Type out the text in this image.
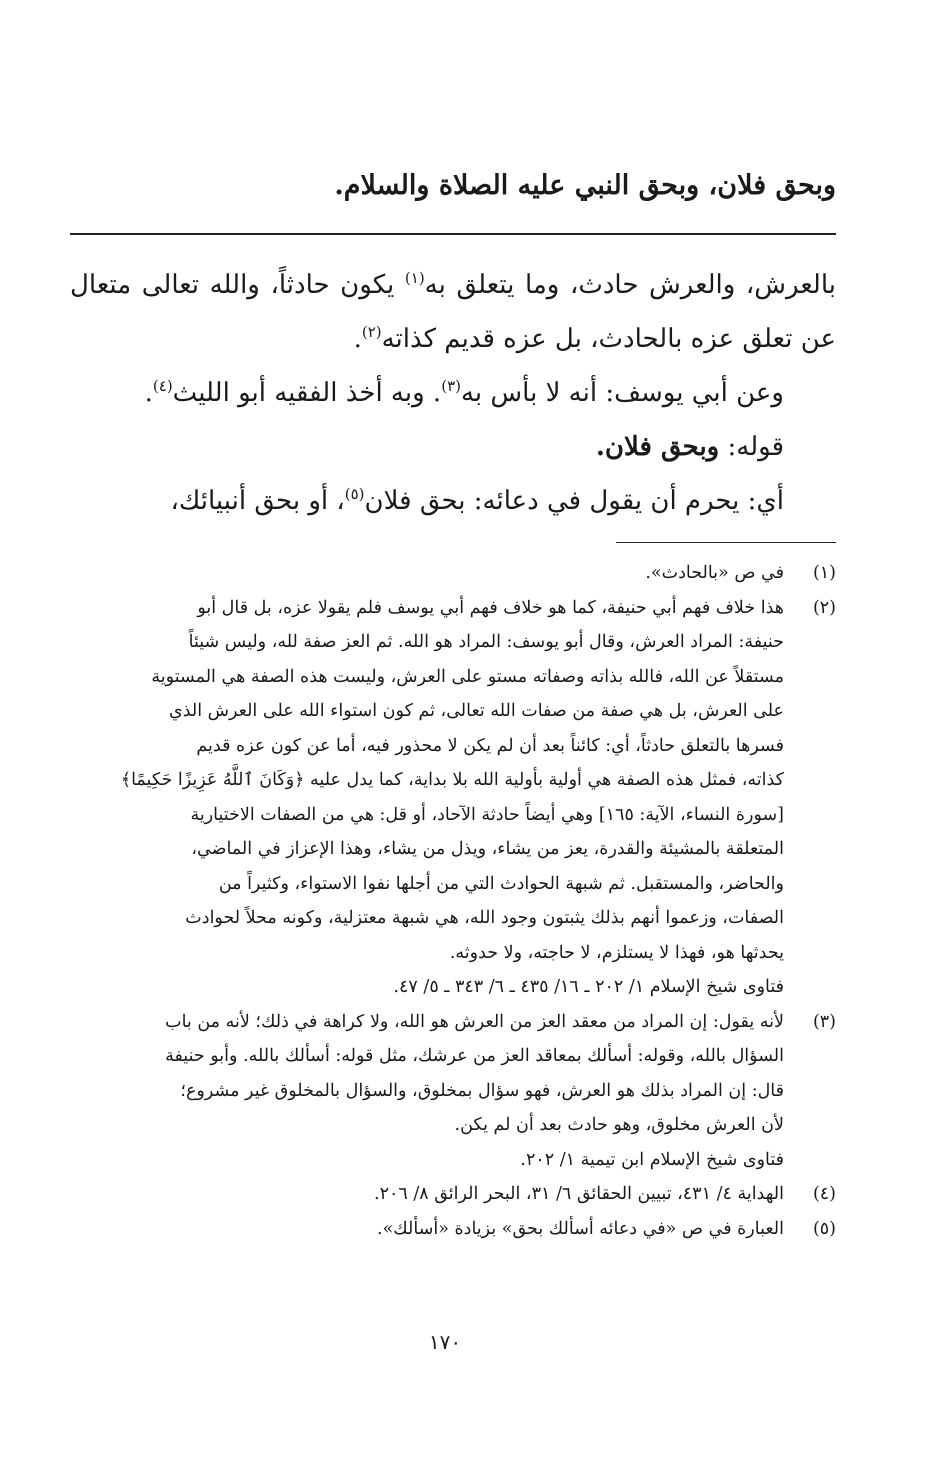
وبحق فلان، وبحق النبي عليه الصلاة والسلام.

بالعرش، والعرش حادث، وما يتعلق به$^{(١)}$ يكون حادثاً، والله تعالى متعال عن تعلق عزه بالحادث، بل عزه قديم كذاته$^{(٢)}$.

وعن أبي يوسف: أنه لا بأس به$^{(٣)}$. وبه أخذ الفقيه أبو الليث$^{(٤)}$.

قوله: وبحق فلان.

أي: يحرم أن يقول في دعائه: بحق فلان$^{(٥)}$، أو بحق أنبيائك،

(١)
في ص «بالحادث».
(٢)
هذا خلاف فهم أبي حنيفة، كما هو خلاف فهم أبي يوسف فلم يقولا عزه، بل قال أبو
حنيفة: المراد العرش، وقال أبو يوسف: المراد هو الله. ثم العز صفة لله، وليس شيئاً
مستقلاً عن الله، فالله بذاته وصفاته مستو على العرش، وليست هذه الصفة هي المستوية
على العرش، بل هي صفة من صفات الله تعالى، ثم كون استواء الله على العرش الذي
فسرها بالتعلق حادثاً، أي: كائناً بعد أن لم يكن لا محذور فيه، أما عن كون عزه قديم
كذاته، فمثل هذه الصفة هي أولية بأولية الله بلا بداية، كما يدل عليه ﴿وَكَانَ ٱللَّهُ عَزِيزًا حَكِيمًا﴾
[سورة النساء، الآية: ١٦٥] وهي أيضاً حادثة الآحاد، أو قل: هي من الصفات الاختيارية
المتعلقة بالمشيئة والقدرة، يعز من يشاء، ويذل من يشاء، وهذا الإعزاز في الماضي،
والحاضر، والمستقبل. ثم شبهة الحوادث التي من أجلها نفوا الاستواء، وكثيراً من
الصفات، وزعموا أنهم بذلك يثبتون وجود الله، هي شبهة معتزلية، وكونه محلاً لحوادث
يحدثها هو، فهذا لا يستلزم، لا حاجته، ولا حدوثه.
فتاوى شيخ الإسلام ١/ ٢٠٢ ـ ١٦/ ٤٣٥ ـ ٦/ ٣٤٣ ـ ٥/ ٤٧.
(٣)
لأنه يقول: إن المراد من معقد العز من العرش هو الله، ولا كراهة في ذلك؛ لأنه من باب
السؤال بالله، وقوله: أسألك بمعاقد العز من عرشك، مثل قوله: أسألك بالله. وأبو حنيفة
قال: إن المراد بذلك هو العرش، فهو سؤال بمخلوق، والسؤال بالمخلوق غير مشروع؛
لأن العرش مخلوق، وهو حادث بعد أن لم يكن.
فتاوى شيخ الإسلام ابن تيمية ١/ ٢٠٢.
(٤)
الهداية ٤/ ٤٣١، تبيين الحقائق ٦/ ٣١، البحر الرائق ٨/ ٢٠٦.
(٥)
العبارة في ص «في دعائه أسألك بحق» بزيادة «أسألك».
١٧٠
